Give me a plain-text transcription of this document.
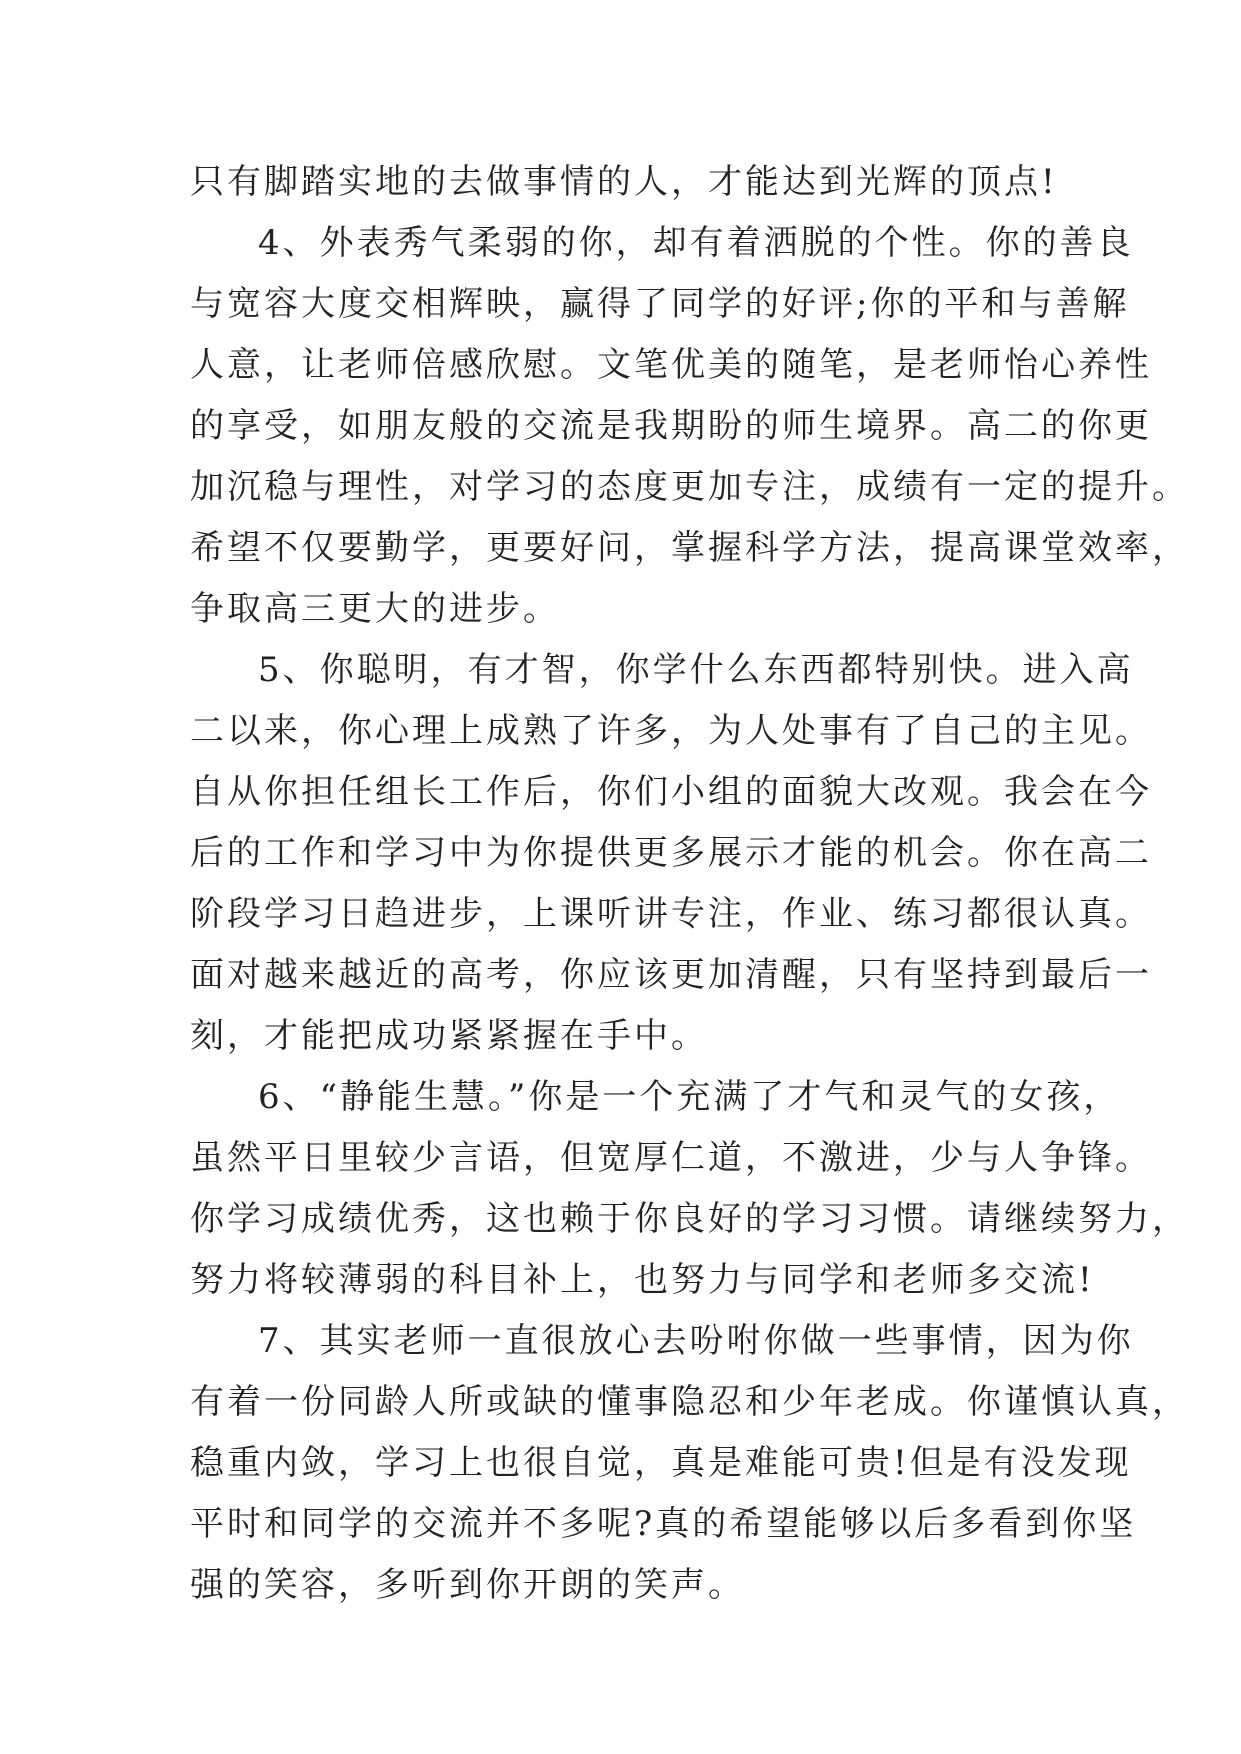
只有脚踏实地的去做事情的人，才能达到光辉的顶点!
4、外表秀气柔弱的你，却有着洒脱的个性。你的善良
与宽容大度交相辉映，赢得了同学的好评;你的平和与善解
人意，让老师倍感欣慰。文笔优美的随笔，是老师怡心养性
的享受，如朋友般的交流是我期盼的师生境界。高二的你更
加沉稳与理性，对学习的态度更加专注，成绩有一定的提升。
希望不仅要勤学，更要好问，掌握科学方法，提高课堂效率，
争取高三更大的进步。
5、你聪明，有才智，你学什么东西都特别快。进入高
二以来，你心理上成熟了许多，为人处事有了自己的主见。
自从你担任组长工作后，你们小组的面貌大改观。我会在今
后的工作和学习中为你提供更多展示才能的机会。你在高二
阶段学习日趋进步，上课听讲专注，作业、练习都很认真。
面对越来越近的高考，你应该更加清醒，只有坚持到最后一
刻，才能把成功紧紧握在手中。
6、“静能生慧。”你是一个充满了才气和灵气的女孩，
虽然平日里较少言语，但宽厚仁道，不激进，少与人争锋。
你学习成绩优秀，这也赖于你良好的学习习惯。请继续努力，
努力将较薄弱的科目补上，也努力与同学和老师多交流!
7、其实老师一直很放心去吩咐你做一些事情，因为你
有着一份同龄人所或缺的懂事隐忍和少年老成。你谨慎认真，
稳重内敛，学习上也很自觉，真是难能可贵!但是有没发现
平时和同学的交流并不多呢?真的希望能够以后多看到你坚
强的笑容，多听到你开朗的笑声。
